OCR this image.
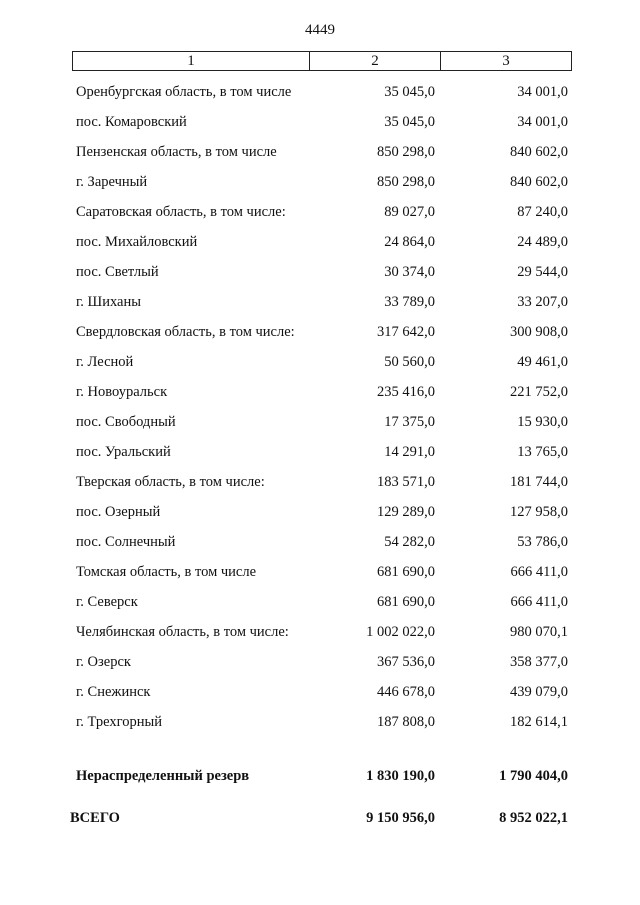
4449
1	2	3
Оренбургская область, в том числе	35 045,0	34 001,0
пос. Комаровский	35 045,0	34 001,0
Пензенская область, в том числе	850 298,0	840 602,0
г. Заречный	850 298,0	840 602,0
Саратовская область, в том числе:	89 027,0	87 240,0
пос. Михайловский	24 864,0	24 489,0
пос. Светлый	30 374,0	29 544,0
г. Шиханы	33 789,0	33 207,0
Свердловская область, в том числе:	317 642,0	300 908,0
г. Лесной	50 560,0	49 461,0
г. Новоуральск	235 416,0	221 752,0
пос. Свободный	17 375,0	15 930,0
пос. Уральский	14 291,0	13 765,0
Тверская область, в том числе:	183 571,0	181 744,0
пос. Озерный	129 289,0	127 958,0
пос. Солнечный	54 282,0	53 786,0
Томская область, в том числе	681 690,0	666 411,0
г. Северск	681 690,0	666 411,0
Челябинская область, в том числе:	1 002 022,0	980 070,1
г. Озерск	367 536,0	358 377,0
г. Снежинск	446 678,0	439 079,0
г. Трехгорный	187 808,0	182 614,1
Нераспределенный резерв	1 830 190,0	1 790 404,0
ВСЕГО	9 150 956,0	8 952 022,1
